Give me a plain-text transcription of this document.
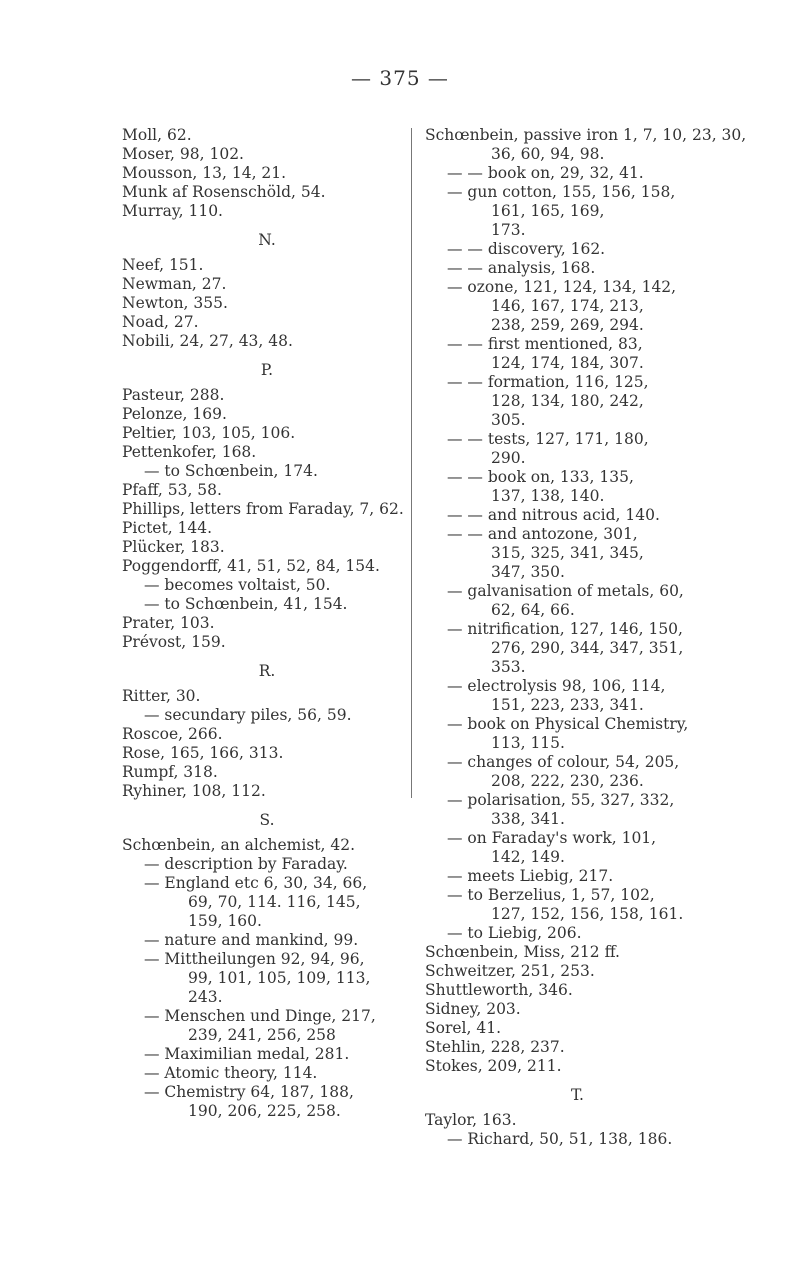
— 375 —
Moll, 62.
Moser, 98, 102.
Mousson, 13, 14, 21.
Munk af Rosenschöld, 54.
Murray, 110.
N.
Neef, 151.
Newman, 27.
Newton, 355.
Noad, 27.
Nobili, 24, 27, 43, 48.
P.
Pasteur, 288.
Pelonze, 169.
Peltier, 103, 105, 106.
Pettenkofer, 168.
— to Schœnbein, 174.
Pfaff, 53, 58.
Phillips, letters from Faraday, 7, 62.
Pictet, 144.
Plücker, 183.
Poggendorff, 41, 51, 52, 84, 154.
— becomes voltaist, 50.
— to Schœnbein, 41, 154.
Prater, 103.
Prévost, 159.
R.
Ritter, 30.
— secundary piles, 56, 59.
Roscoe, 266.
Rose, 165, 166, 313.
Rumpf, 318.
Ryhiner, 108, 112.
S.
Schœnbein, an alchemist, 42.
— description by Faraday.
— England etc 6, 30, 34, 66,
69, 70, 114. 116, 145,
159, 160.
— nature and mankind, 99.
— Mittheilungen 92, 94, 96,
99, 101, 105, 109, 113,
243.
— Menschen und Dinge, 217,
239, 241, 256, 258
— Maximilian medal, 281.
— Atomic theory, 114.
— Chemistry 64, 187, 188,
190, 206, 225, 258.
Schœnbein, passive iron 1, 7, 10, 23, 30,
36, 60, 94, 98.
— — book on, 29, 32, 41.
— gun cotton, 155, 156, 158,
161, 165, 169,
173.
— — discovery, 162.
— — analysis, 168.
— ozone, 121, 124, 134, 142,
146, 167, 174, 213,
238, 259, 269, 294.
— — first mentioned, 83,
124, 174, 184, 307.
— — formation, 116, 125,
128, 134, 180, 242,
305.
— — tests, 127, 171, 180,
290.
— — book on, 133, 135,
137, 138, 140.
— — and nitrous acid, 140.
— — and antozone, 301,
315, 325, 341, 345,
347, 350.
— galvanisation of metals, 60,
62, 64, 66.
— nitrification, 127, 146, 150,
276, 290, 344, 347, 351,
353.
— electrolysis 98, 106, 114,
151, 223, 233, 341.
— book on Physical Chemistry,
113, 115.
— changes of colour, 54, 205,
208, 222, 230, 236.
— polarisation, 55, 327, 332,
338, 341.
— on Faraday's work, 101,
142, 149.
— meets Liebig, 217.
— to Berzelius, 1, 57, 102,
127, 152, 156, 158, 161.
— to Liebig, 206.
Schœnbein, Miss, 212 ff.
Schweitzer, 251, 253.
Shuttleworth, 346.
Sidney, 203.
Sorel, 41.
Stehlin, 228, 237.
Stokes, 209, 211.
T.
Taylor, 163.
— Richard, 50, 51, 138, 186.
